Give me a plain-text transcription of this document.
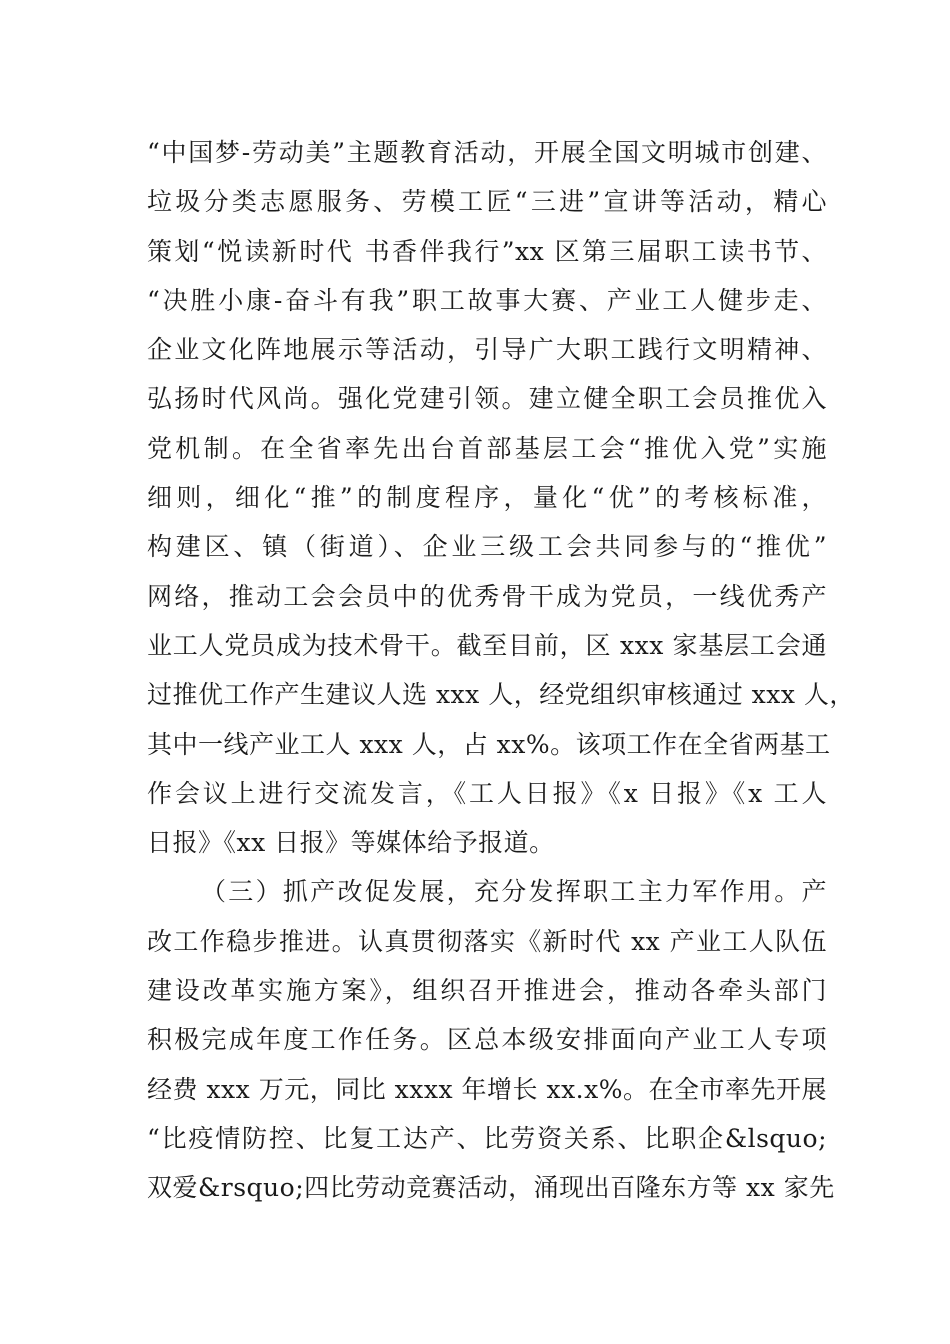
“中国梦-劳动美”主题教育活动，开展全国文明城市创建、
垃圾分类志愿服务、劳模工匠“三进”宣讲等活动，精心
策划“悦读新时代 书香伴我行”xx 区第三届职工读书节、
“决胜小康-奋斗有我”职工故事大赛、产业工人健步走、
企业文化阵地展示等活动，引导广大职工践行文明精神、
弘扬时代风尚。强化党建引领。建立健全职工会员推优入
党机制。在全省率先出台首部基层工会“推优入党”实施
细则，细化“推”的制度程序，量化“优”的考核标准，
构建区、镇（街道）、企业三级工会共同参与的“推优”
网络，推动工会会员中的优秀骨干成为党员，一线优秀产
业工人党员成为技术骨干。截至目前，区 xxx 家基层工会通
过推优工作产生建议人选 xxx 人，经党组织审核通过 xxx 人，
其中一线产业工人 xxx 人，占 xx%。该项工作在全省两基工
作会议上进行交流发言，《工人日报》《x 日报》《x 工人
日报》《xx 日报》等媒体给予报道。
（三）抓产改促发展，充分发挥职工主力军作用。产
改工作稳步推进。认真贯彻落实《新时代 xx 产业工人队伍
建设改革实施方案》，组织召开推进会，推动各牵头部门
积极完成年度工作任务。区总本级安排面向产业工人专项
经费 xxx 万元，同比 xxxx 年增长 xx.x%。在全市率先开展
“比疫情防控、比复工达产、比劳资关系、比职企&lsquo;
双爱&rsquo;四比劳动竞赛活动，涌现出百隆东方等 xx 家先
